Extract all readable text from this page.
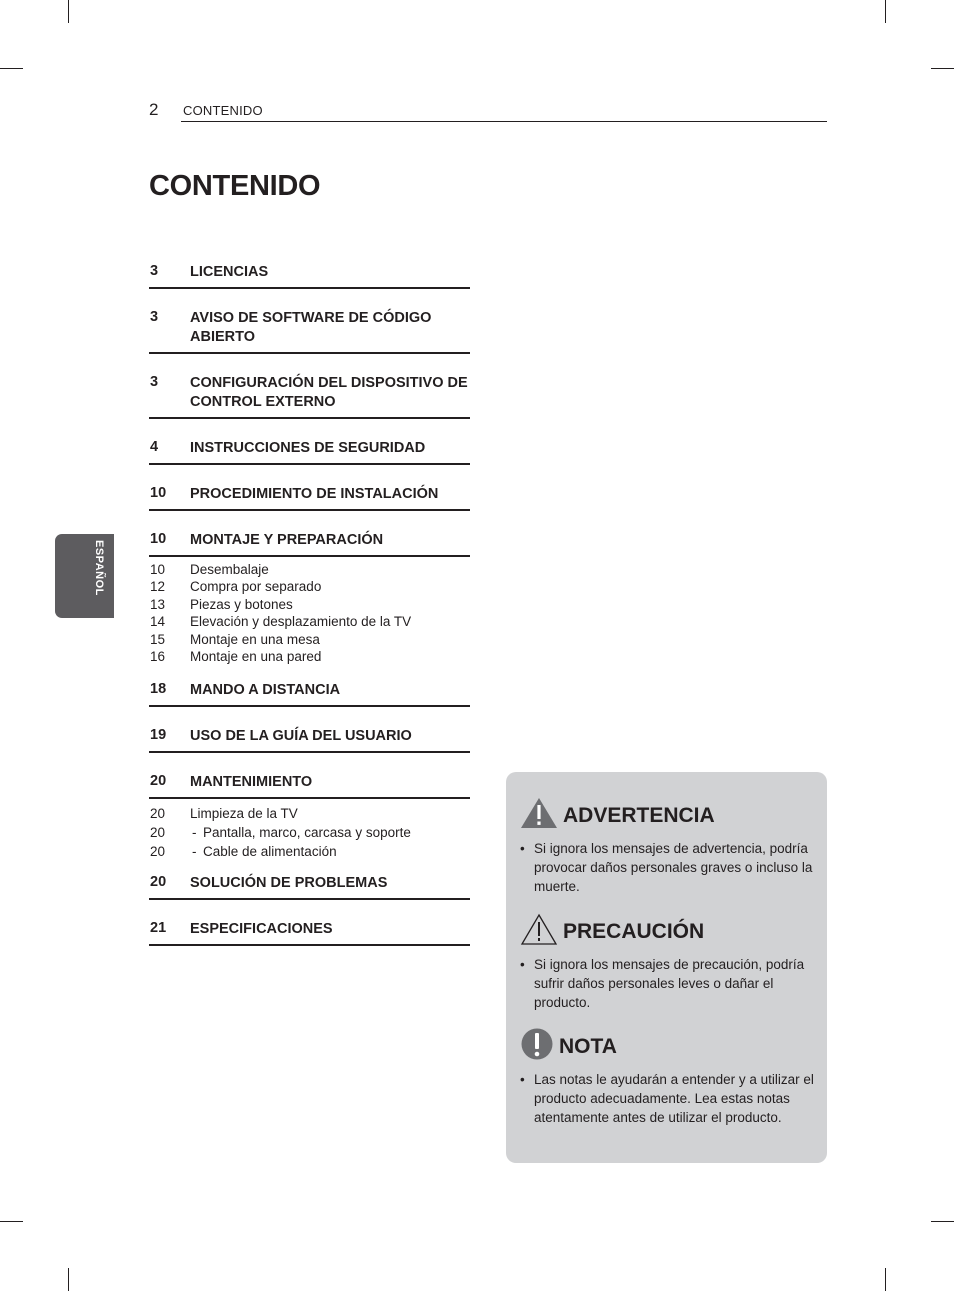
2 CONTENIDO
CONTENIDO
ESPAÑOL
3 LICENCIAS
3 AVISO DE SOFTWARE DE CÓDIGO ABIERTO
3 CONFIGURACIÓN DEL DISPOSITIVO DE CONTROL EXTERNO
4 INSTRUCCIONES DE SEGURIDAD
10 PROCEDIMIENTO DE INSTALACIÓN
10 MONTAJE Y PREPARACIÓN
10 Desembalaje
12 Compra por separado
13 Piezas y botones
14 Elevación y desplazamiento de la TV
15 Montaje en una mesa
16 Montaje en una pared
18 MANDO A DISTANCIA
19 USO DE LA GUÍA DEL USUARIO
20 MANTENIMIENTO
20 Limpieza de la TV
20 - Pantalla, marco, carcasa y soporte
20 - Cable de alimentación
20 SOLUCIÓN DE PROBLEMAS
21 ESPECIFICACIONES
ADVERTENCIA
• Si ignora los mensajes de advertencia, podría provocar daños personales graves o incluso la muerte.
PRECAUCIÓN
• Si ignora los mensajes de precaución, podría sufrir daños personales leves o dañar el producto.
NOTA
• Las notas le ayudarán a entender y a utilizar el producto adecuadamente. Lea estas notas atentamente antes de utilizar el producto.
